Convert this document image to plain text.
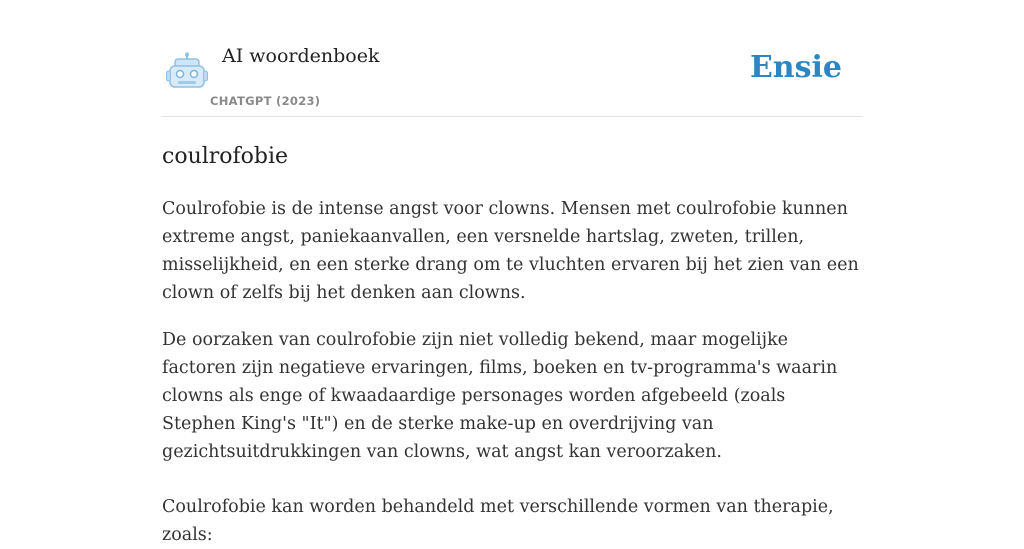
AI woordenboek
CHATGPT (2023)
Ensie
coulrofobie

Coulrofobie is de intense angst voor clowns. Mensen met coulrofobie kunnen extreme angst, paniekaanvallen, een versnelde hartslag, zweten, trillen, misselijkheid, en een sterke drang om te vluchten ervaren bij het zien van een clown of zelfs bij het denken aan clowns.

De oorzaken van coulrofobie zijn niet volledig bekend, maar mogelijke factoren zijn negatieve ervaringen, films, boeken en tv-programma's waarin clowns als enge of kwaadaardige personages worden afgebeeld (zoals Stephen King's "It") en de sterke make-up en overdrijving van gezichtsuitdrukkingen van clowns, wat angst kan veroorzaken.

Coulrofobie kan worden behandeld met verschillende vormen van therapie, zoals:
